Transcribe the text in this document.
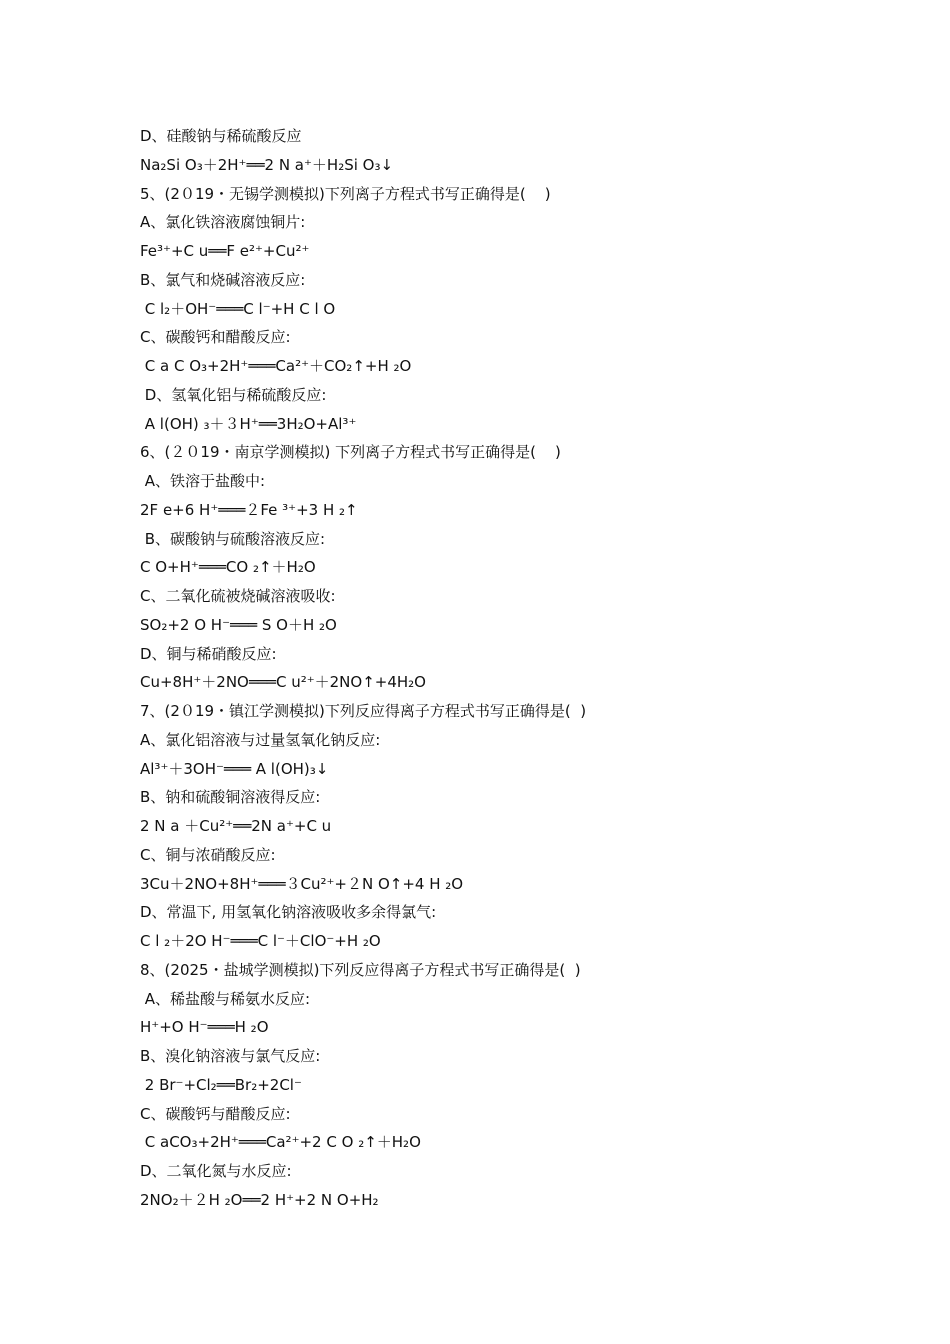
D、硅酸钠与稀硫酸反应
Na₂Si O₃＋2H⁺══2 N a⁺＋H₂Si O₃↓
5、(2０19・无锡学测模拟)下列离子方程式书写正确得是(    )
A、氯化铁溶液腐蚀铜片:
Fe³⁺+C u══F e²⁺+Cu²⁺
B、氯气和烧碱溶液反应:
C l₂＋OH⁻═══C l⁻+H C l O
C、碳酸钙和醋酸反应:
C a C O₃+2H⁺═══Ca²⁺＋CO₂↑+H ₂O
D、氢氧化铝与稀硫酸反应:
A l(OH) ₃＋３H⁺══3H₂O+Al³⁺
6、(２０19・南京学测模拟) 下列离子方程式书写正确得是(    )
A、铁溶于盐酸中:
2F e+6 H⁺═══２Fe ³⁺+3 H ₂↑
B、碳酸钠与硫酸溶液反应:
C O+H⁺═══CO ₂↑＋H₂O
C、二氧化硫被烧碱溶液吸收:
SO₂+2 O H⁻═══ S O＋H ₂O
D、铜与稀硝酸反应:
Cu+8H⁺＋2NO═══C u²⁺＋2NO↑+4H₂O
7、(2０19・镇江学测模拟)下列反应得离子方程式书写正确得是(  )
A、氯化铝溶液与过量氢氧化钠反应:
Al³⁺＋3OH⁻═══ A l(OH)₃↓
B、钠和硫酸铜溶液得反应:
2 N a ＋Cu²⁺══2N a⁺+C u
C、铜与浓硝酸反应:
3Cu＋2NO+8H⁺═══３Cu²⁺+２N O↑+4 H ₂O
D、常温下, 用氢氧化钠溶液吸收多余得氯气:
C l ₂＋2O H⁻═══C l⁻＋ClO⁻+H ₂O
8、(2025・盐城学测模拟)下列反应得离子方程式书写正确得是(  )
A、稀盐酸与稀氨水反应:
H⁺+O H⁻═══H ₂O
B、溴化钠溶液与氯气反应:
2 Br⁻+Cl₂══Br₂+2Cl⁻
C、碳酸钙与醋酸反应:
C aCO₃+2H⁺═══Ca²⁺+2 C O ₂↑＋H₂O
D、二氧化氮与水反应:
2NO₂＋２H ₂O══2 H⁺+2 N O+H₂
